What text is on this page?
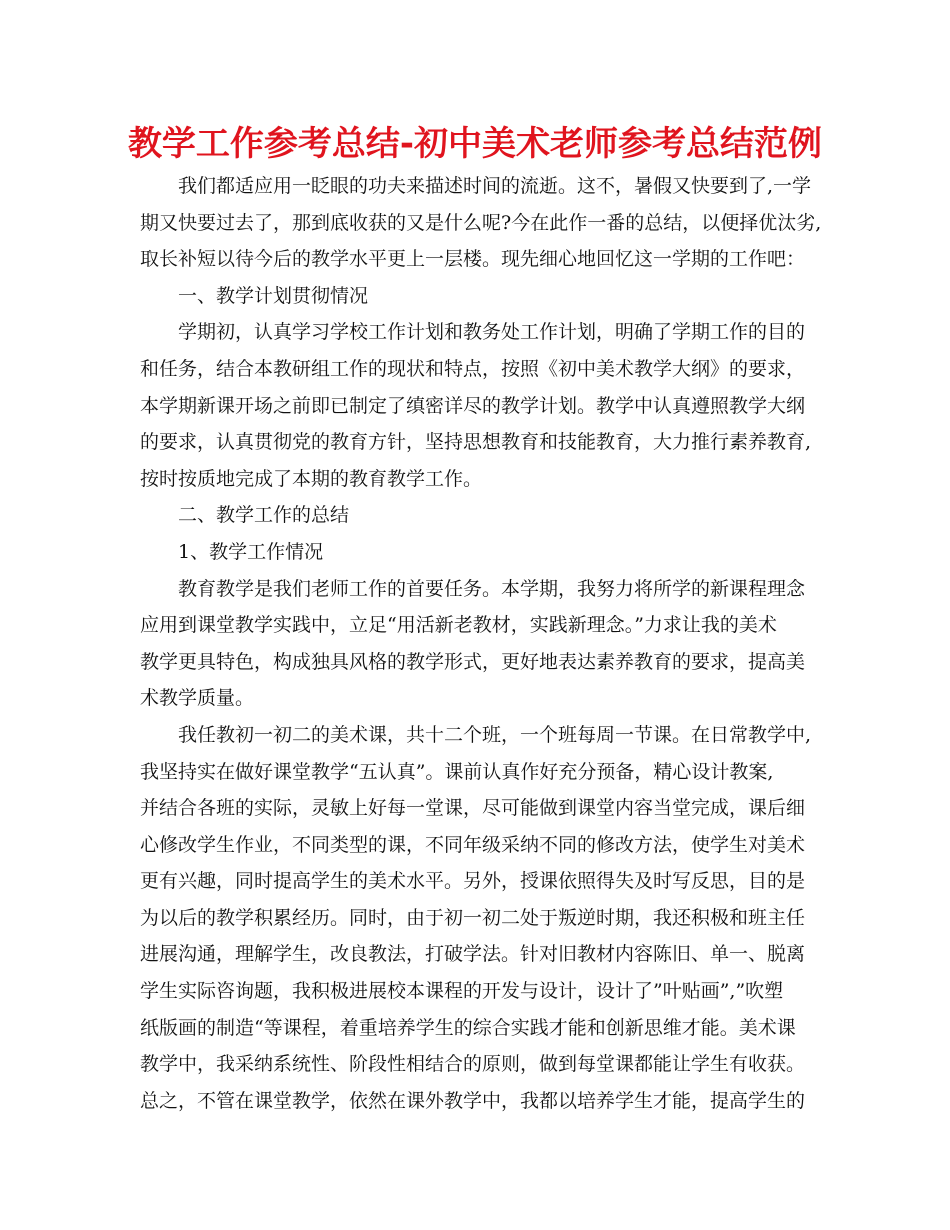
教学工作参考总结-初中美术老师参考总结范例
我们都适应用一眨眼的功夫来描述时间的流逝。这不，暑假又快要到了,一学
期又快要过去了，那到底收获的又是什么呢?今在此作一番的总结，以便择优汰劣,
取长补短以待今后的教学水平更上一层楼。现先细心地回忆这一学期的工作吧：
一、教学计划贯彻情况
学期初，认真学习学校工作计划和教务处工作计划，明确了学期工作的目的
和任务，结合本教研组工作的现状和特点，按照《初中美术教学大纲》的要求，
本学期新课开场之前即已制定了缜密详尽的教学计划。教学中认真遵照教学大纲
的要求，认真贯彻党的教育方针，坚持思想教育和技能教育，大力推行素养教育,
按时按质地完成了本期的教育教学工作。
二、教学工作的总结
1、教学工作情况
教育教学是我们老师工作的首要任务。本学期，我努力将所学的新课程理念
应用到课堂教学实践中，立足“用活新老教材，实践新理念。”力求让我的美术
教学更具特色，构成独具风格的教学形式，更好地表达素养教育的要求，提高美
术教学质量。
我任教初一初二的美术课，共十二个班，一个班每周一节课。在日常教学中,
我坚持实在做好课堂教学“五认真”。课前认真作好充分预备，精心设计教案,
并结合各班的实际，灵敏上好每一堂课，尽可能做到课堂内容当堂完成，课后细
心修改学生作业，不同类型的课，不同年级采纳不同的修改方法，使学生对美术
更有兴趣，同时提高学生的美术水平。另外，授课依照得失及时写反思，目的是
为以后的教学积累经历。同时，由于初一初二处于叛逆时期，我还积极和班主任
进展沟通，理解学生，改良教法，打破学法。针对旧教材内容陈旧、单一、脱离
学生实际咨询题，我积极进展校本课程的开发与设计，设计了”叶贴画”,”吹塑
纸版画的制造“等课程，着重培养学生的综合实践才能和创新思维才能。美术课
教学中，我采纳系统性、阶段性相结合的原则，做到每堂课都能让学生有收获。
总之，不管在课堂教学，依然在课外教学中，我都以培养学生才能，提高学生的
